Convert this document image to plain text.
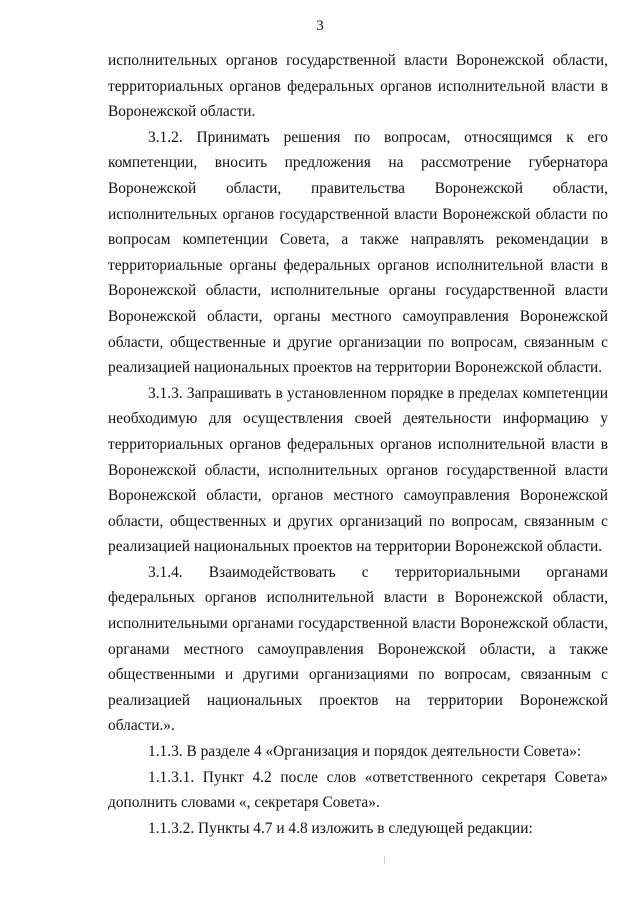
3

исполнительных органов государственной власти Воронежской области, территориальных органов федеральных органов исполнительной власти в Воронежской области.

3.1.2. Принимать решения по вопросам, относящимся к его компетенции, вносить предложения на рассмотрение губернатора Воронежской области, правительства Воронежской области, исполнительных органов государственной власти Воронежской области по вопросам компетенции Совета, а также направлять рекомендации в территориальные органы федеральных органов исполнительной власти в Воронежской области, исполнительные органы государственной власти Воронежской области, органы местного самоуправления Воронежской области, общественные и другие организации по вопросам, связанным с реализацией национальных проектов на территории Воронежской области.

3.1.3. Запрашивать в установленном порядке в пределах компетенции необходимую для осуществления своей деятельности информацию у территориальных органов федеральных органов исполнительной власти в Воронежской области, исполнительных органов государственной власти Воронежской области, органов местного самоуправления Воронежской области, общественных и других организаций по вопросам, связанным с реализацией национальных проектов на территории Воронежской области.

3.1.4. Взаимодействовать с территориальными органами федеральных органов исполнительной власти в Воронежской области, исполнительными органами государственной власти Воронежской области, органами местного самоуправления Воронежской области, а также общественными и другими организациями по вопросам, связанным с реализацией национальных проектов на территории Воронежской области.».

1.1.3. В разделе 4 «Организация и порядок деятельности Совета»:

1.1.3.1. Пункт 4.2 после слов «ответственного секретаря Совета» дополнить словами «, секретаря Совета».

1.1.3.2. Пункты 4.7 и 4.8 изложить в следующей редакции:
